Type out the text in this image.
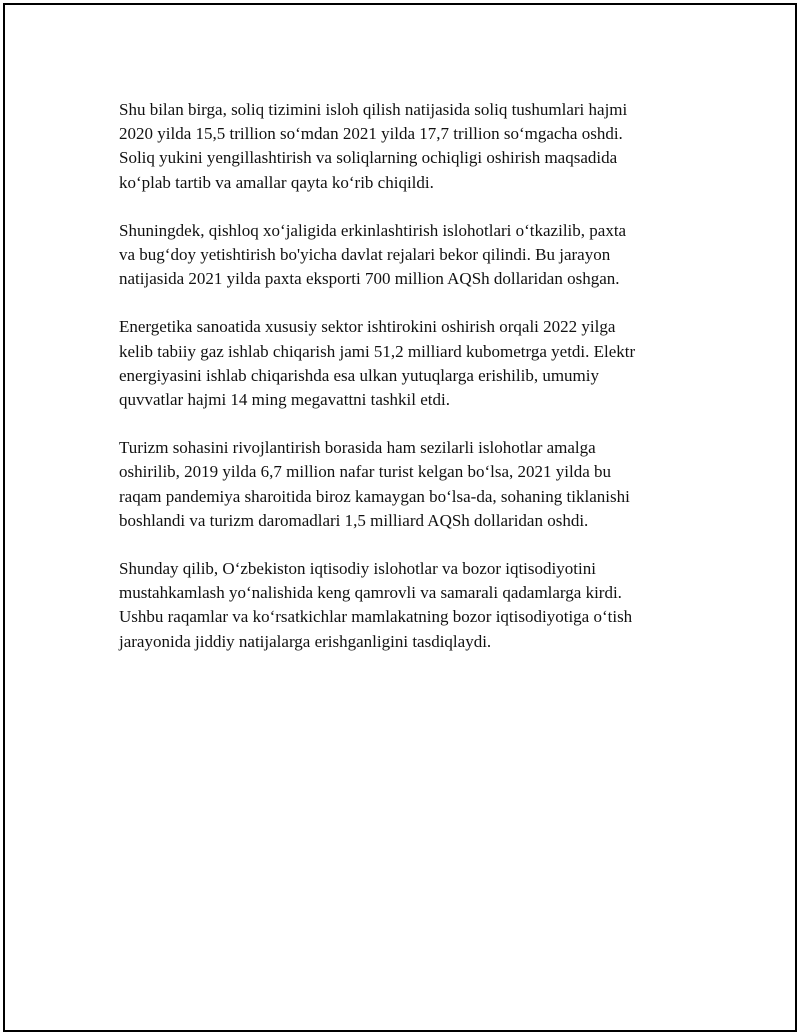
Shu bilan birga, soliq tizimini isloh qilish natijasida soliq tushumlari hajmi
2020 yilda 15,5 trillion so‘mdan 2021 yilda 17,7 trillion so‘mgacha oshdi.
Soliq yukini yengillashtirish va soliqlarning ochiqligi oshirish maqsadida
ko‘plab tartib va amallar qayta ko‘rib chiqildi.

Shuningdek, qishloq xo‘jaligida erkinlashtirish islohotlari o‘tkazilib, paxta
va bug‘doy yetishtirish bo'yicha davlat rejalari bekor qilindi. Bu jarayon
natijasida 2021 yilda paxta eksporti 700 million AQSh dollaridan oshgan.

Energetika sanoatida xususiy sektor ishtirokini oshirish orqali 2022 yilga
kelib tabiiy gaz ishlab chiqarish jami 51,2 milliard kubometrga yetdi. Elektr
energiyasini ishlab chiqarishda esa ulkan yutuqlarga erishilib, umumiy
quvvatlar hajmi 14 ming megavattni tashkil etdi.

Turizm sohasini rivojlantirish borasida ham sezilarli islohotlar amalga
oshirilib, 2019 yilda 6,7 million nafar turist kelgan bo‘lsa, 2021 yilda bu
raqam pandemiya sharoitida biroz kamaygan bo‘lsa-da, sohaning tiklanishi
boshlandi va turizm daromadlari 1,5 milliard AQSh dollaridan oshdi.

Shunday qilib, O‘zbekiston iqtisodiy islohotlar va bozor iqtisodiyotini
mustahkamlash yo‘nalishida keng qamrovli va samarali qadamlarga kirdi.
Ushbu raqamlar va ko‘rsatkichlar mamlakatning bozor iqtisodiyotiga o‘tish
jarayonida jiddiy natijalarga erishganligini tasdiqlaydi.
